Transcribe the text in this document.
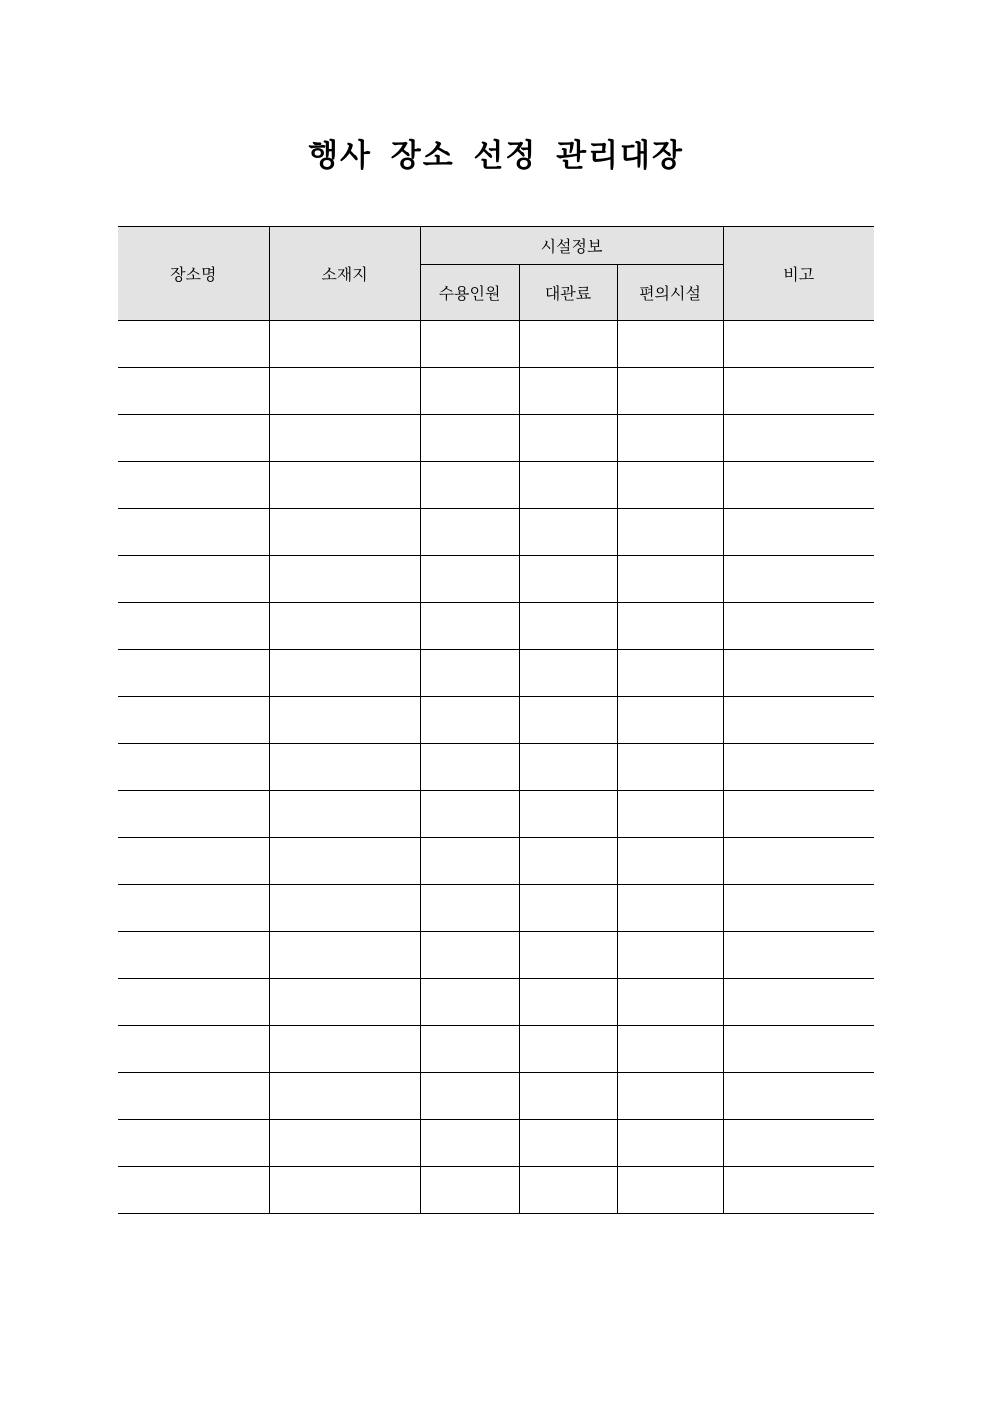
행사 장소 선정 관리대장
장소명	소재지	시설정보			비고
		수용인원	대관료	편의시설	
